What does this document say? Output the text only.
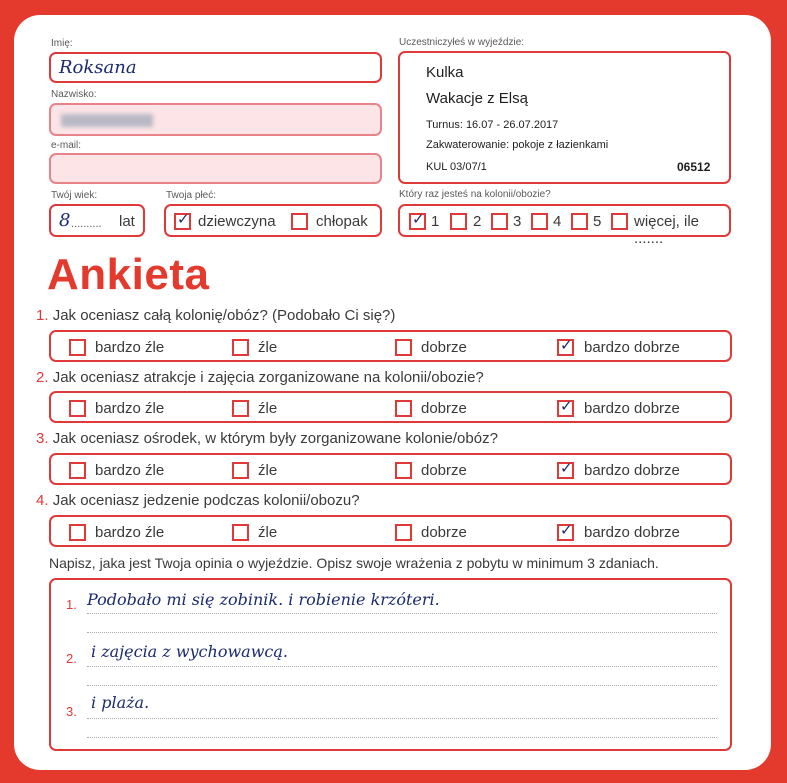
Imię:
Roksana
Nazwisko:
e-mail:
Twój wiek:
8 .......... lat
Twoja płeć:
✓ dziewczyna	chłopak
Uczestniczyłeś w wyjeździe:
Kulka
Wakacje z Elsą
Turnus: 16.07 - 26.07.2017
Zakwaterowanie: pokoje z łazienkami
KUL 03/07/1	06512
Który raz jesteś na kolonii/obozie?
✓ 1 2 3 4 5 więcej, ile .......
Ankieta
1. Jak oceniasz całą kolonię/obóz? (Podobało Ci się?)
bardzo źle	źle	dobrze	✓ bardzo dobrze
2. Jak oceniasz atrakcje i zajęcia zorganizowane na kolonii/obozie?
bardzo źle	źle	dobrze	✓ bardzo dobrze
3. Jak oceniasz ośrodek, w którym były zorganizowane kolonie/obóz?
bardzo źle	źle	dobrze	✓ bardzo dobrze
4. Jak oceniasz jedzenie podczas kolonii/obozu?
bardzo źle	źle	dobrze	✓ bardzo dobrze
Napisz, jaka jest Twoja opinia o wyjeździe. Opisz swoje wrażenia z pobytu w minimum 3 zdaniach.
1. Podobało mi się zobinik. i robienie krzóteri.
2. i zajęcia z wychowawcą.
3. i plaża.
